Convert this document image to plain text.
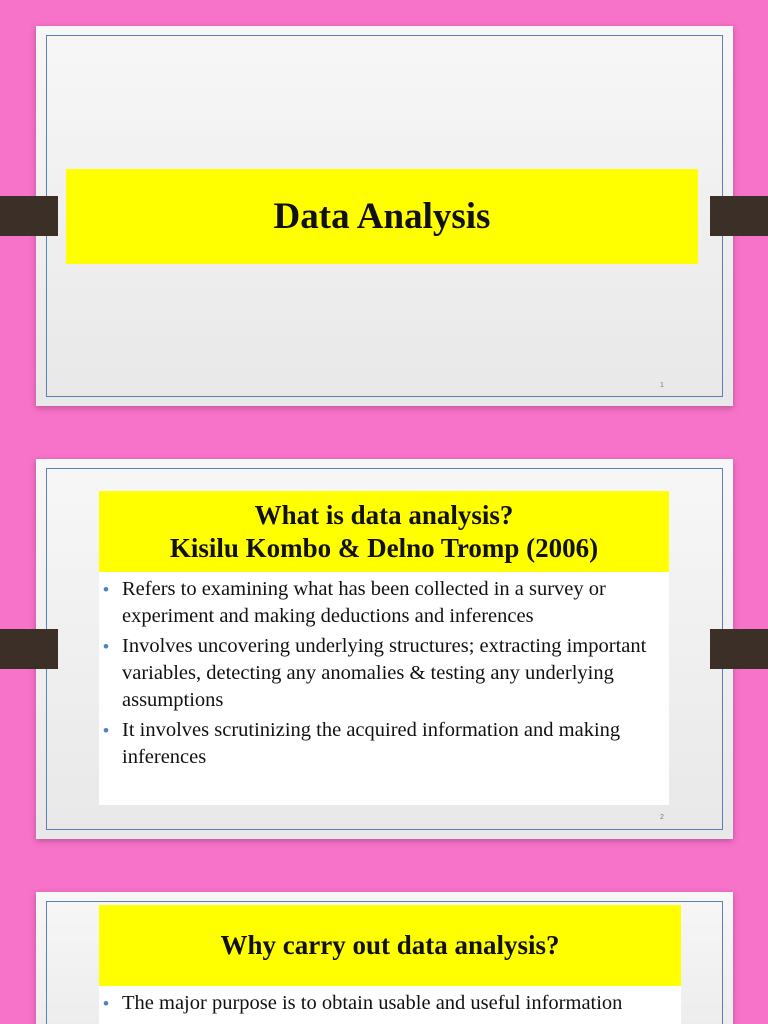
Data Analysis
1
What is data analysis?
Kisilu Kombo & Delno Tromp (2006)
• Refers to examining what has been collected in a survey or experiment and making deductions and inferences
• Involves uncovering underlying structures; extracting important variables, detecting any anomalies & testing any underlying assumptions
• It involves scrutinizing the acquired information and making inferences
2
Why carry out data analysis?
• The major purpose is to obtain usable and useful information
